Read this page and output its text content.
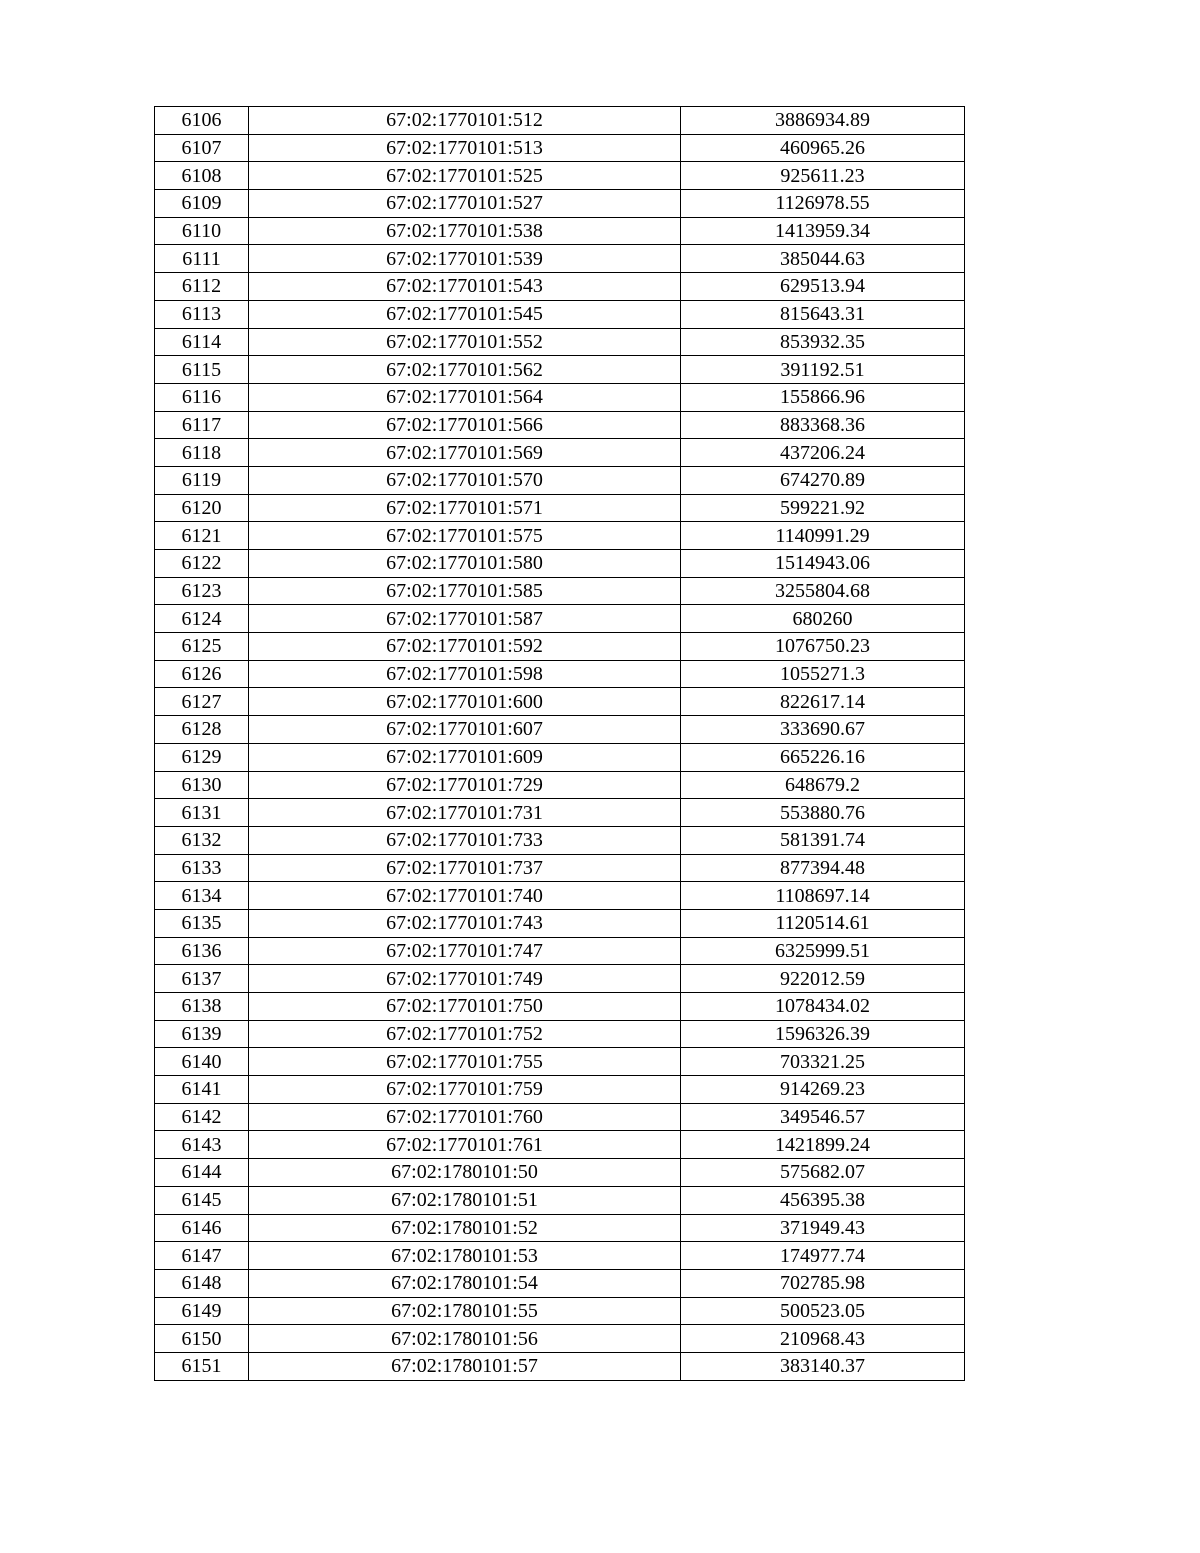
6106	67:02:1770101:512	3886934.89
6107	67:02:1770101:513	460965.26
6108	67:02:1770101:525	925611.23
6109	67:02:1770101:527	1126978.55
6110	67:02:1770101:538	1413959.34
6111	67:02:1770101:539	385044.63
6112	67:02:1770101:543	629513.94
6113	67:02:1770101:545	815643.31
6114	67:02:1770101:552	853932.35
6115	67:02:1770101:562	391192.51
6116	67:02:1770101:564	155866.96
6117	67:02:1770101:566	883368.36
6118	67:02:1770101:569	437206.24
6119	67:02:1770101:570	674270.89
6120	67:02:1770101:571	599221.92
6121	67:02:1770101:575	1140991.29
6122	67:02:1770101:580	1514943.06
6123	67:02:1770101:585	3255804.68
6124	67:02:1770101:587	680260
6125	67:02:1770101:592	1076750.23
6126	67:02:1770101:598	1055271.3
6127	67:02:1770101:600	822617.14
6128	67:02:1770101:607	333690.67
6129	67:02:1770101:609	665226.16
6130	67:02:1770101:729	648679.2
6131	67:02:1770101:731	553880.76
6132	67:02:1770101:733	581391.74
6133	67:02:1770101:737	877394.48
6134	67:02:1770101:740	1108697.14
6135	67:02:1770101:743	1120514.61
6136	67:02:1770101:747	6325999.51
6137	67:02:1770101:749	922012.59
6138	67:02:1770101:750	1078434.02
6139	67:02:1770101:752	1596326.39
6140	67:02:1770101:755	703321.25
6141	67:02:1770101:759	914269.23
6142	67:02:1770101:760	349546.57
6143	67:02:1770101:761	1421899.24
6144	67:02:1780101:50	575682.07
6145	67:02:1780101:51	456395.38
6146	67:02:1780101:52	371949.43
6147	67:02:1780101:53	174977.74
6148	67:02:1780101:54	702785.98
6149	67:02:1780101:55	500523.05
6150	67:02:1780101:56	210968.43
6151	67:02:1780101:57	383140.37
